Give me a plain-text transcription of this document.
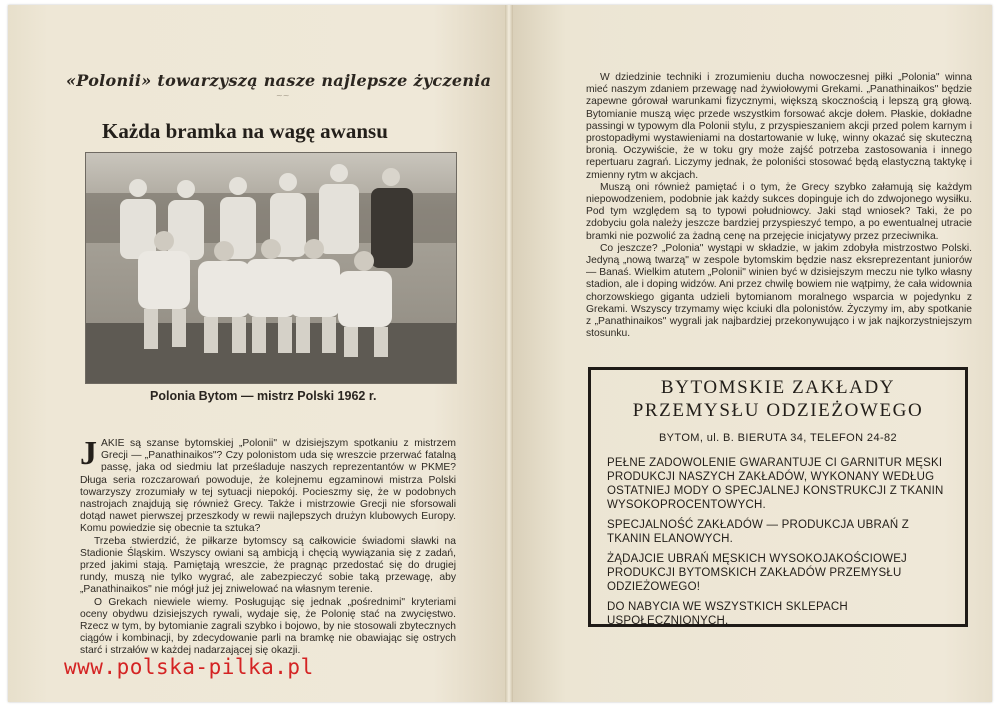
«Polonii» towarzyszą nasze najlepsze życzenia
~~
Każda bramka na wagę awansu
Polonia Bytom — mistrz Polski 1962 r.

JAKIE są szanse bytomskiej „Polonii" w dzisiejszym spotkaniu z mistrzem Grecji — „Panathinaikos"? Czy polonistom uda się wreszcie przerwać fatalną passę, jaka od siedmiu lat prześladuje naszych reprezentantów w PKME? Długa seria rozczarowań powoduje, że kolejnemu egzaminowi mistrza Polski towarzyszy zrozumiały w tej sytuacji niepokój. Pocieszmy się, że w podobnych nastrojach znajdują się również Grecy. Także i mistrzowie Grecji nie sforsowali dotąd nawet pierwszej przeszkody w rewii najlepszych drużyn klubowych Europy. Komu powiedzie się obecnie ta sztuka?

Trzeba stwierdzić, że piłkarze bytomscy są całkowicie świadomi sławki na Stadionie Śląskim. Wszyscy owiani są ambicją i chęcią wywiązania się z zadań, przed jakimi stają. Pamiętają wreszcie, że pragnąc przedostać się do drugiej rundy, muszą nie tylko wygrać, ale zabezpieczyć sobie taką przewagę, aby „Panathinaikos" nie mógł już jej zniwelować na własnym terenie.

O Grekach niewiele wiemy. Posługując się jednak „pośrednimi" kryteriami oceny obydwu dzisiejszych rywali, wydaje się, że Polonię stać na zwycięstwo. Rzecz w tym, by bytomianie zagrali szybko i bojowo, by nie stosowali zbytecznych ciągów i kombinacji, by zdecydowanie parli na bramkę nie obawiając się ostrych starć i strzałów w każdej nadarzającej się okazji.

www.polska-pilka.pl

W dziedzinie techniki i zrozumieniu ducha nowoczesnej piłki „Polonia" winna mieć naszym zdaniem przewagę nad żywiołowymi Grekami. „Panathinaikos" będzie zapewne górował warunkami fizycznymi, większą skocznością i lepszą grą głową. Bytomianie muszą więc przede wszystkim forsować akcje dołem. Płaskie, dokładne passingi w typowym dla Polonii stylu, z przyspieszaniem akcji przed polem karnym i prostopadłymi wystawieniami na dostartowanie w lukę, winny okazać się skuteczną bronią. Oczywiście, że w toku gry może zajść potrzeba zastosowania i innego repertuaru zagrań. Liczymy jednak, że poloniści stosować będą elastyczną taktykę i zmienny rytm w akcjach.

Muszą oni również pamiętać i o tym, że Grecy szybko załamują się każdym niepowodzeniem, podobnie jak każdy sukces dopinguje ich do zdwojonego wysiłku. Pod tym względem są to typowi południowcy. Jaki stąd wniosek? Taki, że po zdobyciu gola należy jeszcze bardziej przyspieszyć tempo, a po ewentualnej utracie bramki nie pozwolić za żadną cenę na przejęcie inicjatywy przez przeciwnika.

Co jeszcze? „Polonia" wystąpi w składzie, w jakim zdobyła mistrzostwo Polski. Jedyną „nową twarzą" w zespole bytomskim będzie nasz eksreprezentant juniorów — Banaś. Wielkim atutem „Polonii" winien być w dzisiejszym meczu nie tylko własny stadion, ale i doping widzów. Ani przez chwilę bowiem nie wątpimy, że cała widownia chorzowskiego giganta udzieli bytomianom moralnego wsparcia w pojedynku z Grekami. Wszyscy trzymamy więc kciuki dla polonistów. Życzymy im, aby spotkanie z „Panathinaikos" wygrali jak najbardziej przekonywująco i w jak najkorzystniejszym stosunku.

BYTOMSKIE ZAKŁADY
PRZEMYSŁU ODZIEŻOWEGO
BYTOM, ul. B. BIERUTA 34, TELEFON 24-82
PEŁNE ZADOWOLENIE GWARANTUJE CI GARNITUR MĘSKI PRODUKCJI NASZYCH ZAKŁADÓW, WYKONANY WEDŁUG OSTATNIEJ MODY O SPECJALNEJ KONSTRUKCJI Z TKANIN WYSOKOPROCENTOWYCH.
SPECJALNOŚĆ ZAKŁADÓW — PRODUKCJA UBRAŃ Z TKANIN ELANOWYCH.
ŻĄDAJCIE UBRAŃ MĘSKICH WYSOKOJAKOŚCIOWEJ PRODUKCJI BYTOMSKICH ZAKŁADÓW PRZEMYSŁU ODZIEŻOWEGO!
DO NABYCIA WE WSZYSTKICH SKLEPACH USPOŁECZNIONYCH.
